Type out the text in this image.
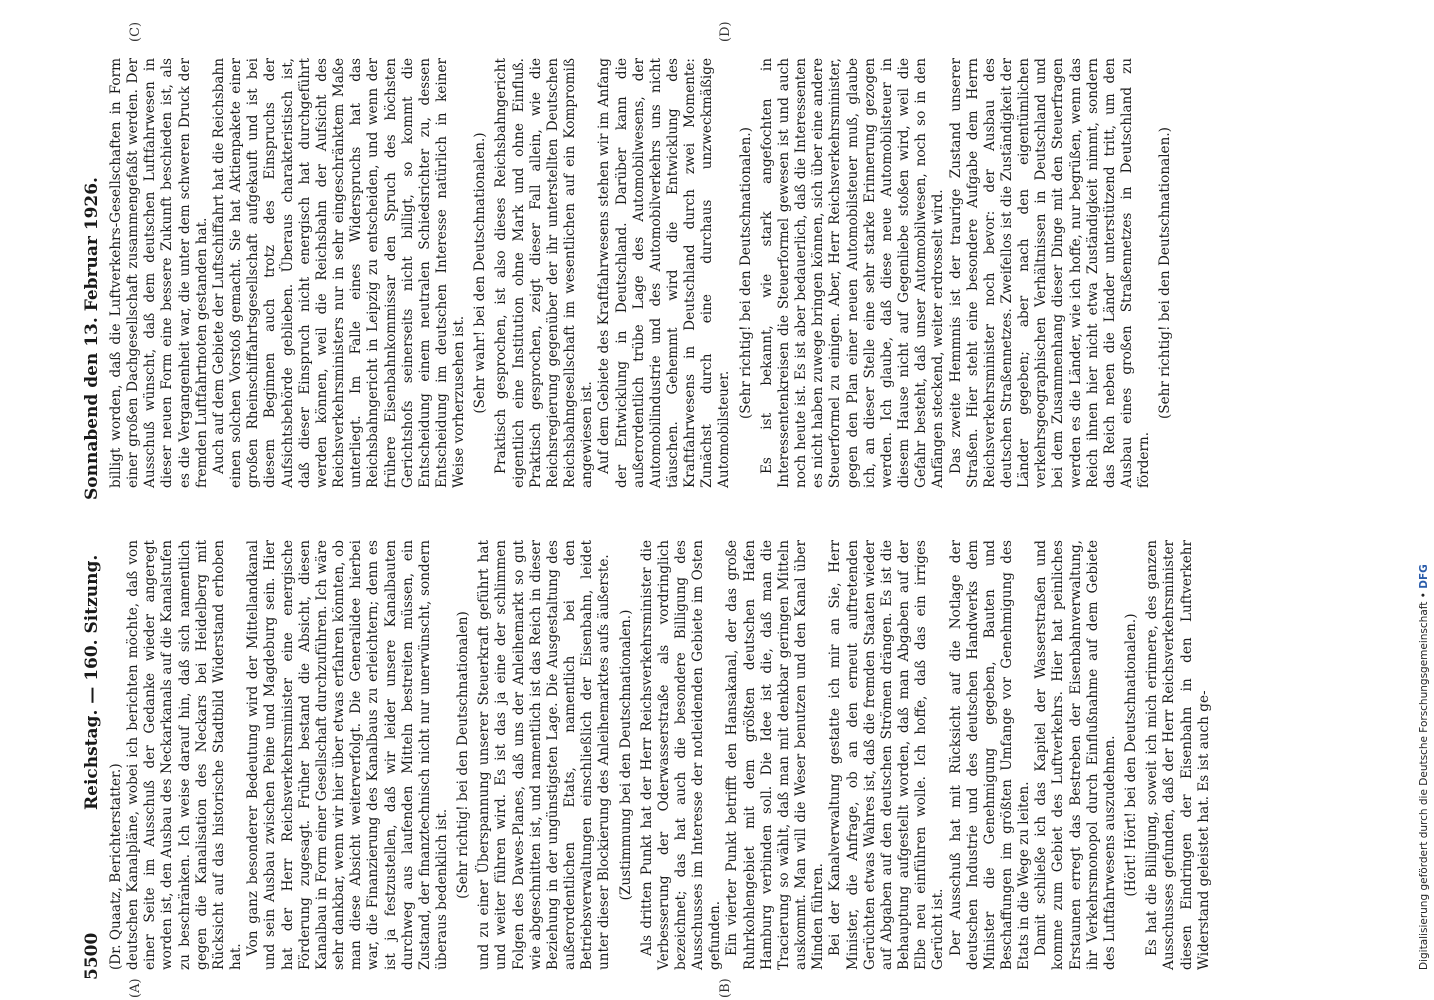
5500
Reichstag. — 160. Sitzung.
Sonnabend den 13. Februar 1926.
(A)	(B)
(C)	(D)

(Dr. Quaatz, Berichterstatter.) deutschen Kanalpläne, wobei ich berichten möchte, daß von einer Seite im Ausschuß der Gedanke wieder angeregt worden ist, den Ausbau des Neckarkanals auf die Kanalstufen zu beschränken. Ich weise darauf hin, daß sich namentlich gegen die Kanalisation des Neckars bei Heidelberg mit Rücksicht auf das historische Stadtbild Widerstand erhoben hat.

Von ganz besonderer Bedeutung wird der Mittellandkanal und sein Ausbau zwischen Peine und Magdeburg sein. Hier hat der Herr Reichsverkehrsminister eine energische Förderung zugesagt. Früher bestand die Absicht, diesen Kanalbau in Form einer Gesellschaft durchzuführen. Ich wäre sehr dankbar, wenn wir hier über etwas erfahren könnten, ob man diese Absicht weiterverfolgt. Die Generalidee hierbei war, die Finanzierung des Kanalbaus zu erleichtern; denn es ist ja festzustellen, daß wir leider unsere Kanalbauten durchweg aus laufenden Mitteln bestreiten müssen, ein Zustand, der finanztechnisch nicht nur unerwünscht, sondern überaus bedenklich ist. (Sehr richtig! bei den Deutschnationalen) und zu einer Überspannung unserer Steuerkraft geführt hat und weiter führen wird. Es ist das ja eine der schlimmen Folgen des Dawes-Planes, daß uns der Anleihemarkt so gut wie abgeschnitten ist, und namentlich ist das Reich in dieser Beziehung in der ungünstigsten Lage. Die Ausgestaltung des außerordentlichen Etats, namentlich bei den Betriebsverwaltungen einschließlich der Eisenbahn, leidet unter dieser Blockierung des Anleihemarktes aufs äußerste. (Zustimmung bei den Deutschnationalen.) Als dritten Punkt hat der Herr Reichsverkehrsminister die Verbesserung der Oderwasserstraße als vordringlich bezeichnet; das hat auch die besondere Billigung des Ausschusses im Interesse der notleidenden Gebiete im Osten gefunden. Ein vierter Punkt betrifft den Hansakanal, der das große Ruhrkohlengebiet mit dem größten deutschen Hafen Hamburg verbinden soll. Die Idee ist die, daß man die Tracierung so wählt, daß man mit denkbar geringen Mitteln auskommt. Man will die Weser benutzen und den Kanal über Minden führen. Bei der Kanalverwaltung gestatte ich mir an Sie, Herr Minister, die Anfrage, ob an den erneut auftretenden Gerüchten etwas Wahres ist, daß die fremden Staaten wieder auf Abgaben auf den deutschen Strömen drängen. Es ist die Behauptung aufgestellt worden, daß man Abgaben auf der Elbe neu einführen wolle. Ich hoffe, daß das ein irriges Gerücht ist. Der Ausschuß hat mit Rücksicht auf die Notlage der deutschen Industrie und des deutschen Handwerks dem Minister die Genehmigung gegeben, Bauten und Beschaffungen im größten Umfange vor Genehmigung des Etats in die Wege zu leiten. Damit schließe ich das Kapitel der Wasserstraßen und komme zum Gebiet des Luftverkehrs. Hier hat peinliches Erstaunen erregt das Bestreben der Eisenbahnverwaltung, ihr Verkehrsmonopol durch Einflußnahme auf dem Gebiete des Luftfahrwesens auszudehnen. (Hört! Hört! bei den Deutschnationalen.) Es hat die Billigung, soweit ich mich erinnere, des ganzen Ausschusses gefunden, daß der Herr Reichsverkehrsminister diesen Eindringen der Eisenbahn in den Luftverkehr Widerstand geleistet hat. Es ist auch ge-

billigt worden, daß die Luftverkehrs-Gesellschaften in Form einer großen Dachgesellschaft zusammengefaßt werden. Der Ausschuß wünscht, daß dem deutschen Luftfahrwesen in dieser neuen Form eine bessere Zukunft beschieden ist, als es die Vergangenheit war, die unter dem schweren Druck der fremden Luftfahrtnoten gestanden hat. Auch auf dem Gebiete der Luftschiffahrt hat die Reichsbahn einen solchen Vorstoß gemacht. Sie hat Aktienpakete einer großen Rheinschiffahrtsgesellschaft aufgekauft und ist bei diesem Beginnen auch trotz des Einspruchs der Aufsichtsbehörde geblieben. Überaus charakteristisch ist, daß dieser Einspruch nicht energisch hat durchgeführt werden können, weil die Reichsbahn der Aufsicht des Reichsverkehrsministers nur in sehr eingeschränktem Maße unterliegt. Im Falle eines Widerspruchs hat das Reichsbahngericht in Leipzig zu entscheiden, und wenn der frühere Eisenbahnkommissar den Spruch des höchsten Gerichtshofs seinerseits nicht billigt, so kommt die Entscheidung einem neutralen Schiedsrichter zu, dessen Entscheidung im deutschen Interesse natürlich in keiner Weise vorherzusehen ist. (Sehr wahr! bei den Deutschnationalen.) Praktisch gesprochen, ist also dieses Reichsbahngericht eigentlich eine Institution ohne Mark und ohne Einfluß. Praktisch gesprochen, zeigt dieser Fall allein, wie die Reichsregierung gegenüber der ihr unterstellten Deutschen Reichsbahngesellschaft im wesentlichen auf ein Kompromiß angewiesen ist. Auf dem Gebiete des Kraftfahrwesens stehen wir im Anfang der Entwicklung in Deutschland. Darüber kann die außerordentlich trübe Lage des Automobilwesens, der Automobilindustrie und des Automobilverkehrs uns nicht täuschen. Gehemmt wird die Entwicklung des Kraftfahrwesens in Deutschland durch zwei Momente: Zunächst durch eine durchaus unzweckmäßige Automobilsteuer.

(Sehr richtig! bei den Deutschnationalen.) Es ist bekannt, wie stark angefochten in Interessentenkreisen die Steuerformel gewesen ist und auch noch heute ist. Es ist aber bedauerlich, daß die Interessenten es nicht haben zuwege bringen können, sich über eine andere Steuerformel zu einigen. Aber, Herr Reichsverkehrsminister, gegen den Plan einer neuen Automobilsteuer muß, glaube ich, an dieser Stelle eine sehr starke Erinnerung gezogen werden. Ich glaube, daß diese neue Automobilsteuer in diesem Hause nicht auf Gegenliebe stoßen wird, weil die Gefahr besteht, daß unser Automobilwesen, noch so in den Anfängen steckend, weiter erdrosselt wird. Das zweite Hemmnis ist der traurige Zustand unserer Straßen. Hier steht eine besondere Aufgabe dem Herrn Reichsverkehrsminister noch bevor: der Ausbau des deutschen Straßennetzes. Zweifellos ist die Zuständigkeit der Länder gegeben; aber nach den eigentümlichen verkehrsgeographischen Verhältnissen in Deutschland und bei dem Zusammenhang dieser Dinge mit den Steuerfragen werden es die Länder, wie ich hoffe, nur begrüßen, wenn das Reich ihnen hier nicht etwa Zuständigkeit nimmt, sondern das Reich neben die Länder unterstützend tritt, um den Ausbau eines großen Straßennetzes in Deutschland zu fördern.

(Sehr richtig! bei den Deutschnationalen.)

Digitalisierung gefördert durch die Deutsche Forschungsgemeinschaft • DFG
